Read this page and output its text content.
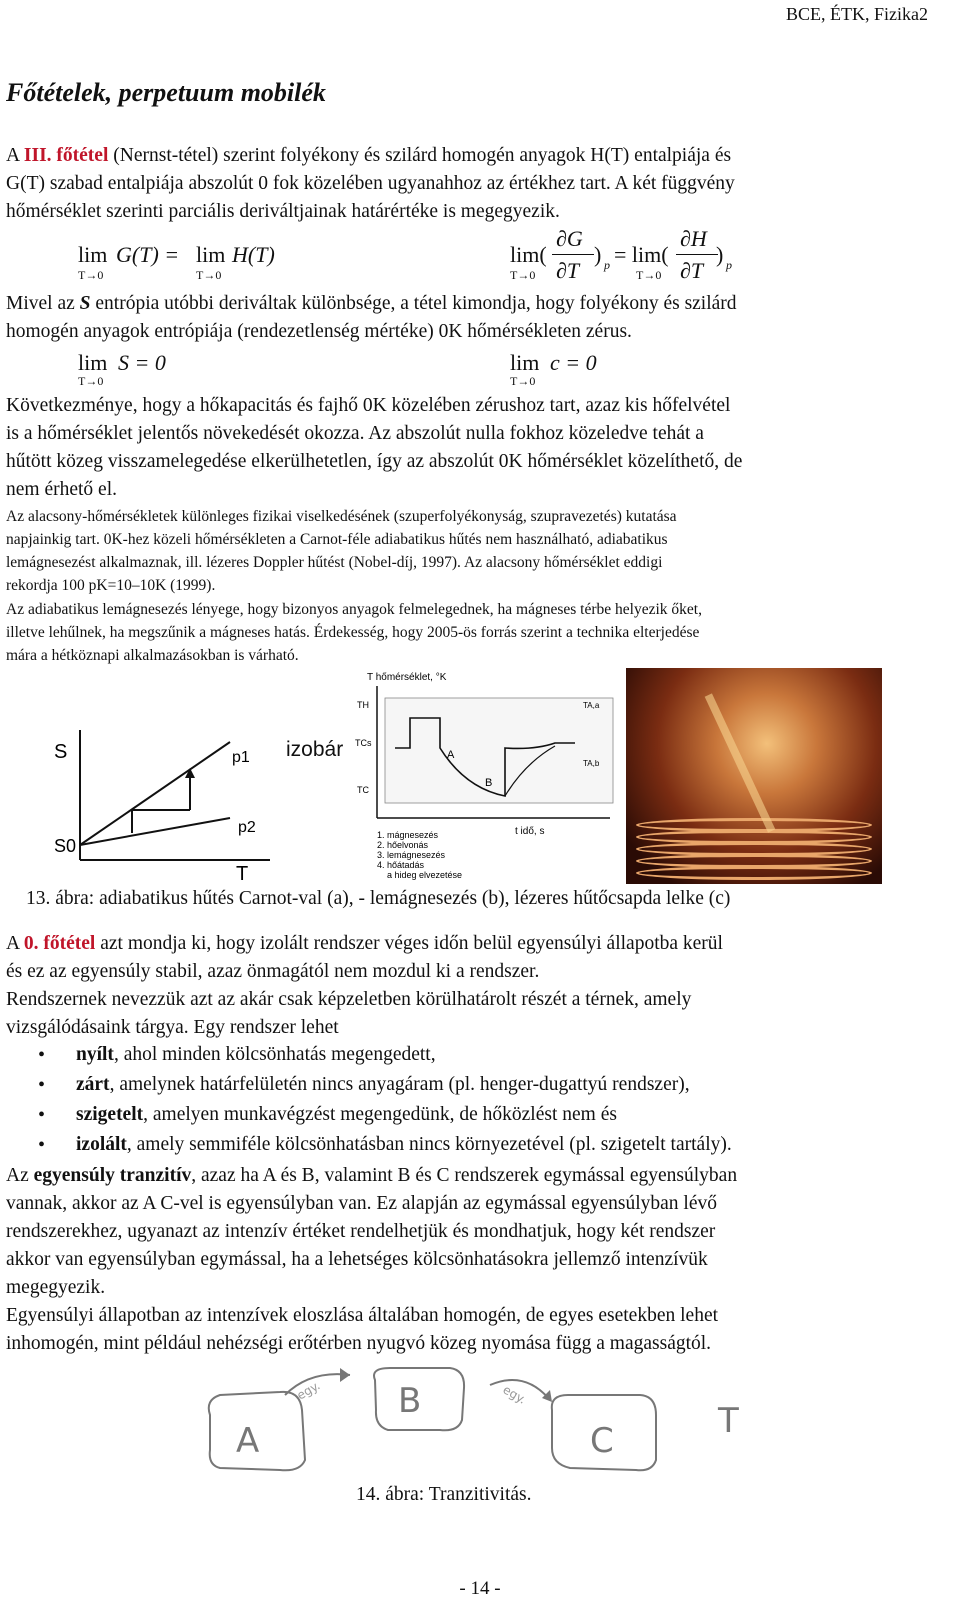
BCE, ÉTK, Fizika2
Főtételek, perpetuum mobilék
A III. főtétel (Nernst-tétel) szerint folyékony és szilárd homogén anyagok H(T) entalpiája és
G(T) szabad entalpiája abszolút 0 fok közelében ugyanahhoz az értékhez tart. A két függvény
hőmérséklet szerinti parciális deriváltjainak határértéke is megegyezik.
lim G(T) = lim H(T)
T→0	T→0
lim(
∂G
∂T
) p = lim(
∂H
∂T
) p
T→0	T→0
Mivel az S entrópia utóbbi deriváltak különbsége, a tétel kimondja, hogy folyékony és szilárd
homogén anyagok entrópiája (rendezetlenség mértéke) 0K hőmérsékleten zérus.
lim S = 0
T→0
lim c = 0
T→0
Következménye, hogy a hőkapacitás és fajhő 0K közelében zérushoz tart, azaz kis hőfelvétel
is a hőmérséklet jelentős növekedését okozza. Az abszolút nulla fokhoz közeledve tehát a
hűtött közeg visszamelegedése elkerülhetetlen, így az abszolút 0K hőmérséklet közelíthető, de
nem érhető el.
Az alacsony-hőmérsékletek különleges fizikai viselkedésének (szuperfolyékonyság, szupravezetés) kutatása
napjainkig tart. 0K-hez közeli hőmérsékleten a Carnot-féle adiabatikus hűtés nem használható, adiabatikus
lemágnesezést alkalmaznak, ill. lézeres Doppler hűtést (Nobel-díj, 1997). Az alacsony hőmérséklet eddigi
rekordja 100 pK=10–10K (1999).
Az adiabatikus lemágnesezés lényege, hogy bizonyos anyagok felmelegednek, ha mágneses térbe helyezik őket,
illetve lehűlnek, ha megszűnik a mágneses hatás. Érdekesség, hogy 2005-ös forrás szerint a technika elterjedése
mára a hétköznapi alkalmazásokban is várható.
S
S0
T
p1
p2
izobár
T hőmérséklet, °K
TH
TCs
TC
A
B
TA,a
TA,b
t idő, s
1. mágnesezés
2. hőelvonás
3. lemágnesezés
4. hőátadás
a hideg elvezetése
13. ábra: adiabatikus hűtés Carnot-val (a), - lemágnesezés (b), lézeres hűtőcsapda lelke (c)
A 0. főtétel azt mondja ki, hogy izolált rendszer véges időn belül egyensúlyi állapotba kerül
és ez az egyensúly stabil, azaz önmagától nem mozdul ki a rendszer.
Rendszernek nevezzük azt az akár csak képzeletben körülhatárolt részét a térnek, amely
vizsgálódásaink tárgya. Egy rendszer lehet
• nyílt, ahol minden kölcsönhatás megengedett,
• zárt, amelynek határfelületén nincs anyagáram (pl. henger-dugattyú rendszer),
• szigetelt, amelyen munkavégzést megengedünk, de hőközlést nem és
• izolált, amely semmiféle kölcsönhatásban nincs környezetével (pl. szigetelt tartály).
Az egyensúly tranzitív, azaz ha A és B, valamint B és C rendszerek egymással egyensúlyban
vannak, akkor az A C-vel is egyensúlyban van. Ez alapján az egymással egyensúlyban lévő
rendszerekhez, ugyanazt az intenzív értéket rendelhetjük és mondhatjuk, hogy két rendszer
akkor van egyensúlyban egymással, ha a lehetséges kölcsönhatásokra jellemző intenzívük
megegyezik.
Egyensúlyi állapotban az intenzívek eloszlása általában homogén, de egyes esetekben lehet
inhomogén, mint például nehézségi erőtérben nyugvó közeg nyomása függ a magasságtól.
A
B
C	T
egy.	egy.
14. ábra: Tranzitivitás.
- 14 -
